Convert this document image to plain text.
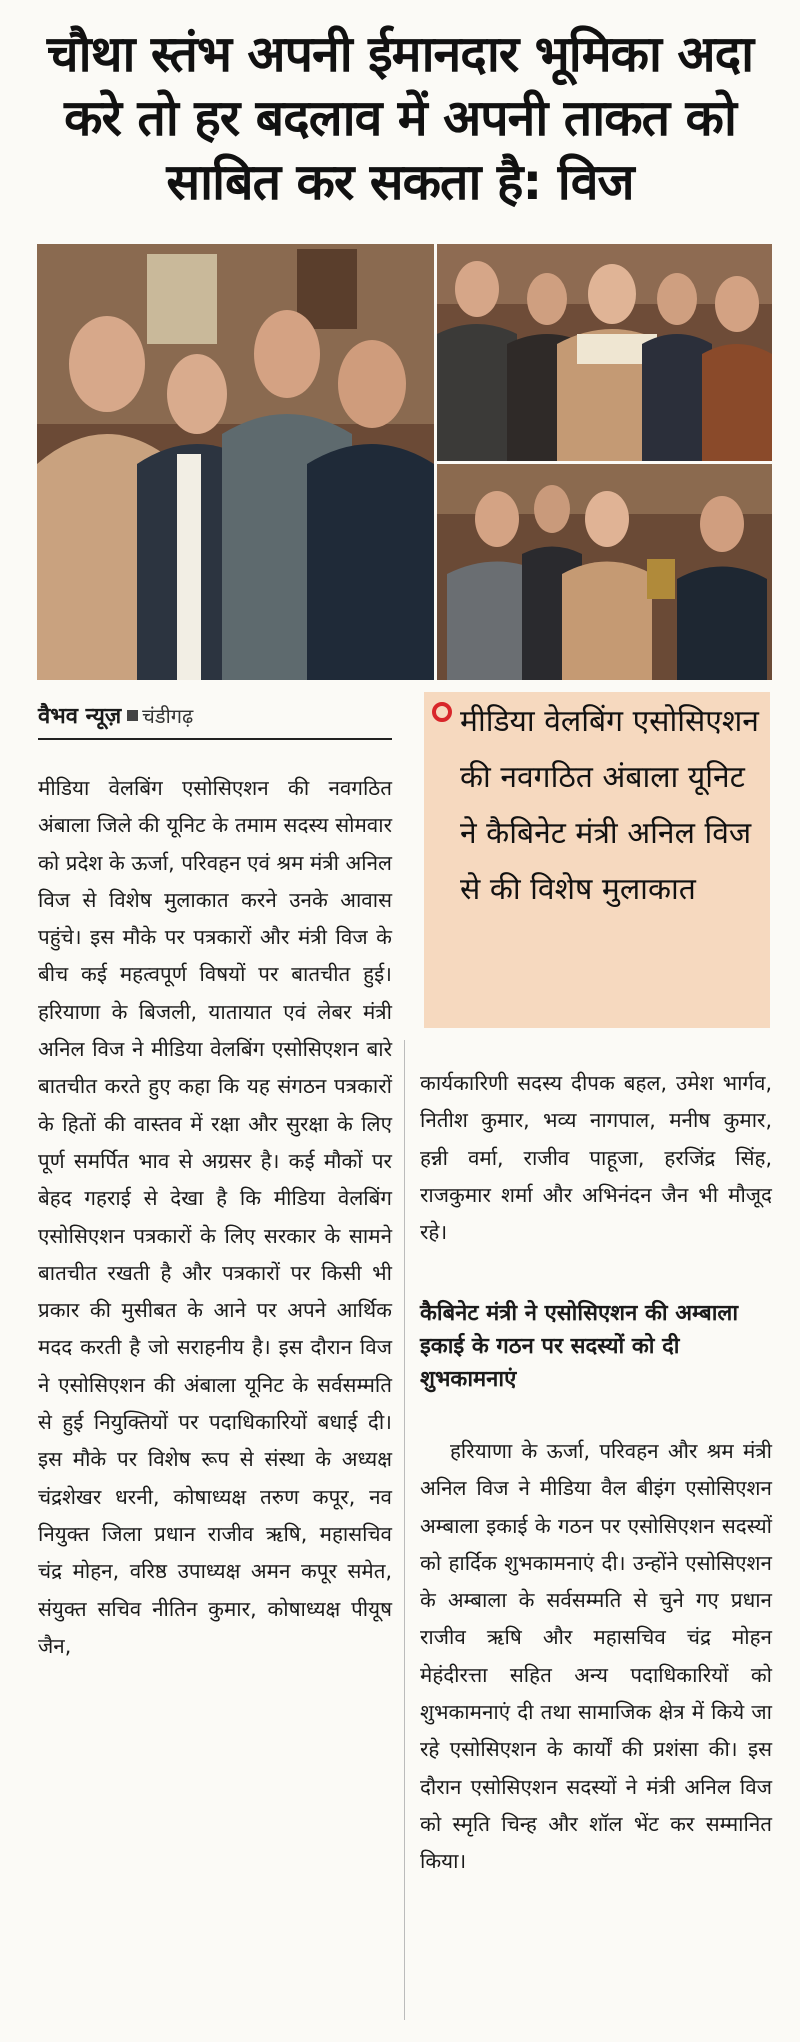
चौथा स्तंभ अपनी ईमानदार भूमिका अदा करे तो हर बदलाव में अपनी ताकत को साबित कर सकता है: विज
वैभव न्यूज़ चंडीगढ़	मीडिया वेलबिंग एसोसिएशन की नवगठित अंबाला यूनिट ने कैबिनेट मंत्री अनिल विज से की विशेष मुलाकात

मीडिया वेलबिंग एसोसिएशन की नवगठित अंबाला जिले की यूनिट के तमाम सदस्य सोमवार को प्रदेश के ऊर्जा, परिवहन एवं श्रम मंत्री अनिल विज से विशेष मुलाकात करने उनके आवास पहुंचे। इस मौके पर पत्रकारों और मंत्री विज के बीच कई महत्वपूर्ण विषयों पर बातचीत हुई। हरियाणा के बिजली, यातायात एवं लेबर मंत्री अनिल विज ने मीडिया वेलबिंग एसोसिएशन बारे बातचीत करते हुए कहा कि यह संगठन पत्रकारों के हितों की वास्तव में रक्षा और सुरक्षा के लिए पूर्ण समर्पित भाव से अग्रसर है। कई मौकों पर बेहद गहराई से देखा है कि मीडिया वेलबिंग एसोसिएशन पत्रकारों के लिए सरकार के सामने बातचीत रखती है और पत्रकारों पर किसी भी प्रकार की मुसीबत के आने पर अपने आर्थिक मदद करती है जो सराहनीय है। इस दौरान विज ने एसोसिएशन की अंबाला यूनिट के सर्वसम्मति से हुई नियुक्तियों पर पदाधिकारियों बधाई दी। इस मौके पर विशेष रूप से संस्था के अध्यक्ष चंद्रशेखर धरनी, कोषाध्यक्ष तरुण कपूर, नव नियुक्त जिला प्रधान राजीव ऋषि, महासचिव चंद्र मोहन, वरिष्ठ उपाध्यक्ष अमन कपूर समेत, संयुक्त सचिव नीतिन कुमार, कोषाध्यक्ष पीयूष जैन,

कार्यकारिणी सदस्य दीपक बहल, उमेश भार्गव, नितीश कुमार, भव्य नागपाल, मनीष कुमार, हन्नी वर्मा, राजीव पाहूजा, हरजिंद्र सिंह, राजकुमार शर्मा और अभिनंदन जैन भी मौजूद रहे।

कैबिनेट मंत्री ने एसोसिएशन की अम्बाला इकाई के गठन पर सदस्यों को दी शुभकामनाएं
हरियाणा के ऊर्जा, परिवहन और श्रम मंत्री अनिल विज ने मीडिया वैल बीइंग एसोसिएशन अम्बाला इकाई के गठन पर एसोसिएशन सदस्यों को हार्दिक शुभकामनाएं दी। उन्होंने एसोसिएशन के अम्बाला के सर्वसम्मति से चुने गए प्रधान राजीव ऋषि और महासचिव चंद्र मोहन मेहंदीरत्ता सहित अन्य पदाधिकारियों को शुभकामनाएं दी तथा सामाजिक क्षेत्र में किये जा रहे एसोसिएशन के कार्यों की प्रशंसा की। इस दौरान एसोसिएशन सदस्यों ने मंत्री अनिल विज को स्मृति चिन्ह और शॉल भेंट कर सम्मानित किया।
